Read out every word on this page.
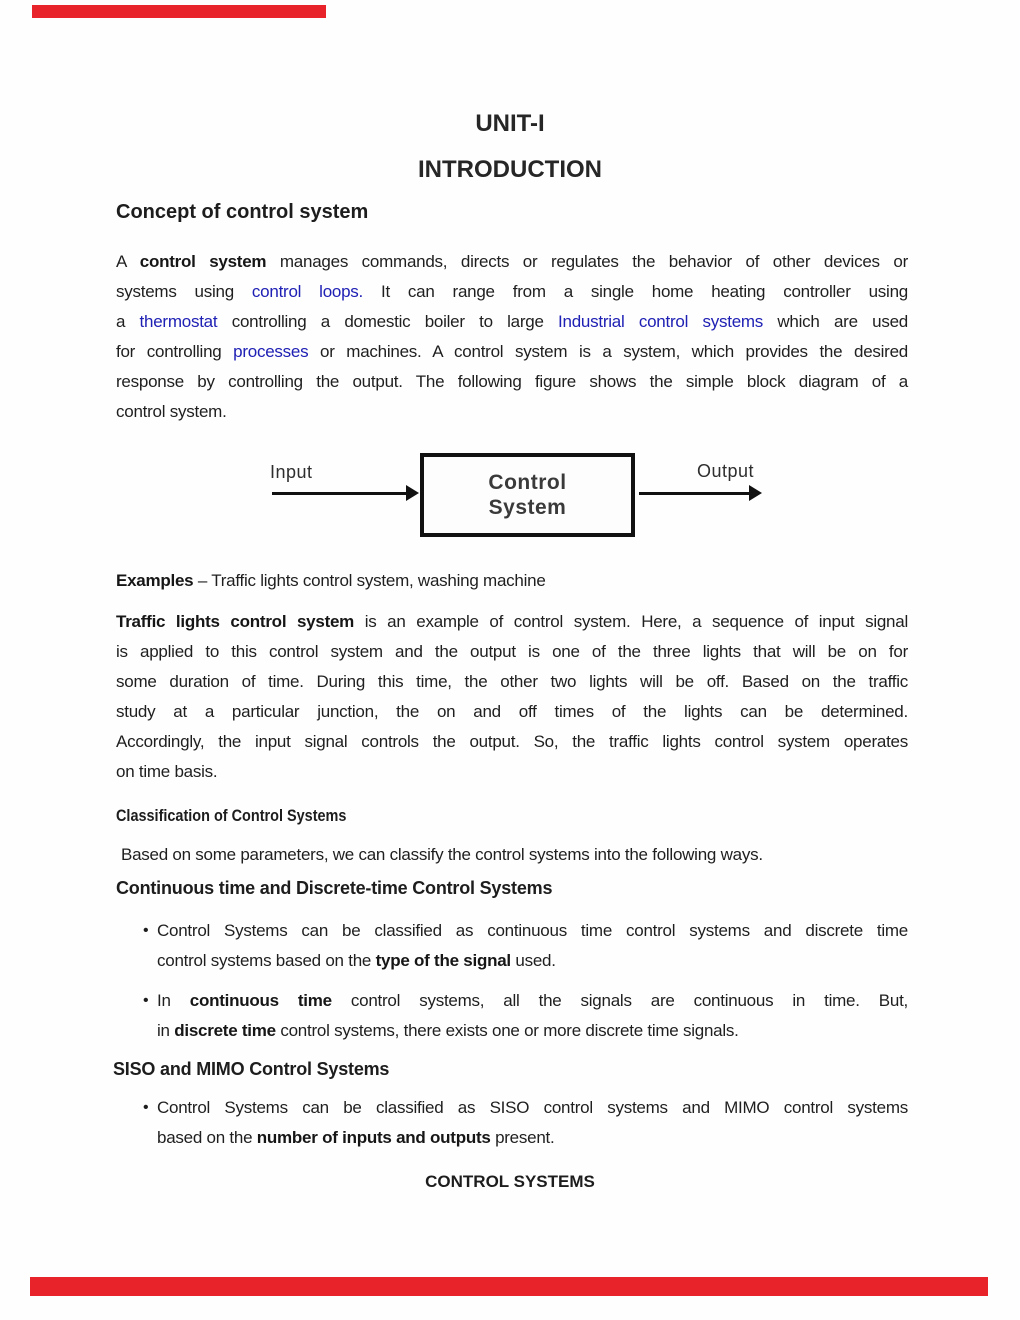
UNIT-I
INTRODUCTION
Concept of control system
A control system manages commands, directs or regulates the behavior of other devices or
systems using control loops. It can range from a single home heating controller using
a thermostat controlling a domestic boiler to large Industrial control systems which are used
for controlling processes or machines. A control system is a system, which provides the desired
response by controlling the output. The following figure shows the simple block diagram of a
control system.
Input	Control
System
Output
Examples – Traffic lights control system, washing machine
Traffic lights control system is an example of control system. Here, a sequence of input signal
is applied to this control system and the output is one of the three lights that will be on for
some duration of time. During this time, the other two lights will be off. Based on the traffic
study at a particular junction, the on and off times of the lights can be determined.
Accordingly, the input signal controls the output. So, the traffic lights control system operates
on time basis.
Classification of Control Systems
Based on some parameters, we can classify the control systems into the following ways.
Continuous time and Discrete-time Control Systems
• Control Systems can be classified as continuous time control systems and discrete time
control systems based on the type of the signal used.
• In continuous time control systems, all the signals are continuous in time. But,
in discrete time control systems, there exists one or more discrete time signals.
SISO and MIMO Control Systems
• Control Systems can be classified as SISO control systems and MIMO control systems
based on the number of inputs and outputs present.
CONTROL SYSTEMS
